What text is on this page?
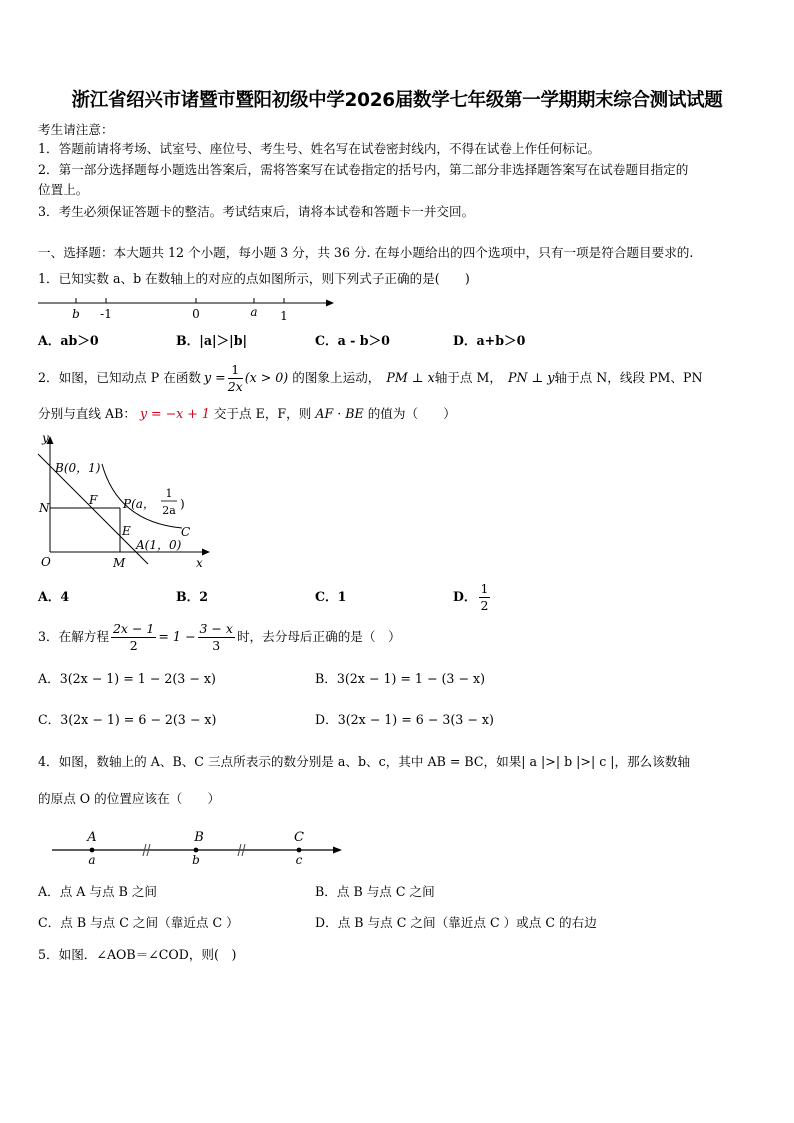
浙江省绍兴市诸暨市暨阳初级中学2026届数学七年级第一学期期末综合测试试题
考生请注意：
1．答题前请将考场、试室号、座位号、考生号、姓名写在试卷密封线内，不得在试卷上作任何标记。
2．第一部分选择题每小题选出答案后，需将答案写在试卷指定的括号内，第二部分非选择题答案写在试卷题目指定的
位置上。
3．考生必须保证答题卡的整洁。考试结束后，请将本试卷和答题卡一并交回。
一、选择题：本大题共 12 个小题，每小题 3 分，共 36 分. 在每小题给出的四个选项中，只有一项是符合题目要求的.
1．已知实数 a、b 在数轴上的对应的点如图所示，则下列式子正确的是(　　)
b -1	0	a 1
A．ab＞0	B．|a|＞|b|	C．a - b＞0	D．a+b＞0
2．如图，已知动点 P 在函数 $y = \frac{1}{2x} (x > 0)$ 的图象上运动， PM ⊥ x 轴于点 M， PN ⊥ y 轴于点 N，线段 PM、PN
分别与直线 AB： y = −x + 1 交于点 E，F，则 AF · BE 的值为（　　）
y
x
B(0，1)
F P(a，
1
2a )
N
C
E
A(1，0)
O	M
A．4	B．2	C．1	D． $\frac{1}{2}$
3．在解方程 $\frac{2x - 1}{2} = 1 - \frac{3 - x}{3}$ 时，去分母后正确的是（　）
A．3(2x − 1) = 1 − 2(3 − x)	B．3(2x − 1) = 1 − (3 − x)
C．3(2x − 1) = 6 − 2(3 − x)	D．3(2x − 1) = 6 − 3(3 − x)
4．如图，数轴上的 A、B、C 三点所表示的数分别是 a、b、c，其中 AB = BC，如果| a |>| b |>| c |，那么该数轴
的原点 O 的位置应该在（　　）
A	B	C
a	b	c
A．点 A 与点 B 之间	B．点 B 与点 C 之间
C．点 B 与点 C 之间（靠近点 C ）	D．点 B 与点 C 之间（靠近点 C ）或点 C 的右边
5．如图．∠AOB＝∠COD，则(　)
